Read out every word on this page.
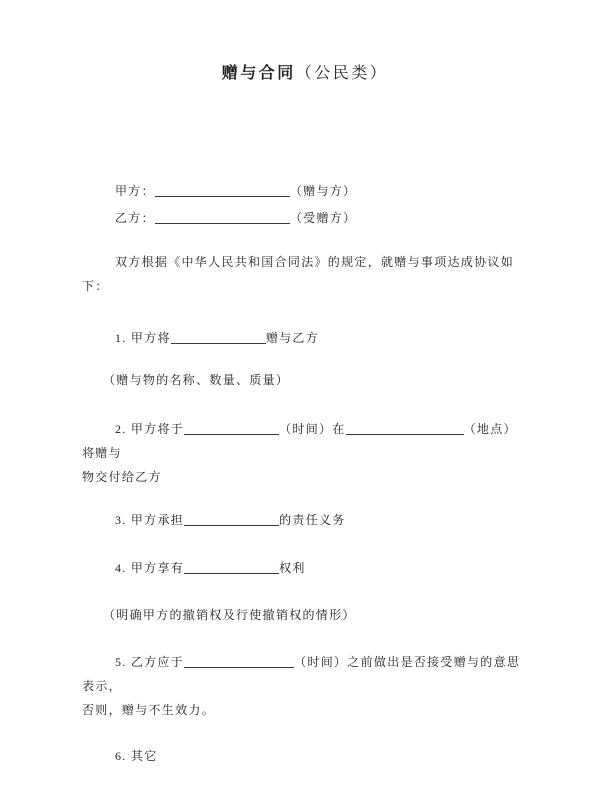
赠与合同（公民类）

甲方：	（赠与方）

乙方：	（受赠方）

双方根据《中华人民共和国合同法》的规定，就赠与事项达成协议如下：

1. 甲方将	赠与乙方

（赠与物的名称、数量、质量）

2. 甲方将于	（时间）在	（地点）将赠与
物交付给乙方

3. 甲方承担	的责任义务

4. 甲方享有	权利

（明确甲方的撤销权及行使撤销权的情形）

5. 乙方应于	（时间）之前做出是否接受赠与的意思表示，
否则，赠与不生效力。

6. 其它
